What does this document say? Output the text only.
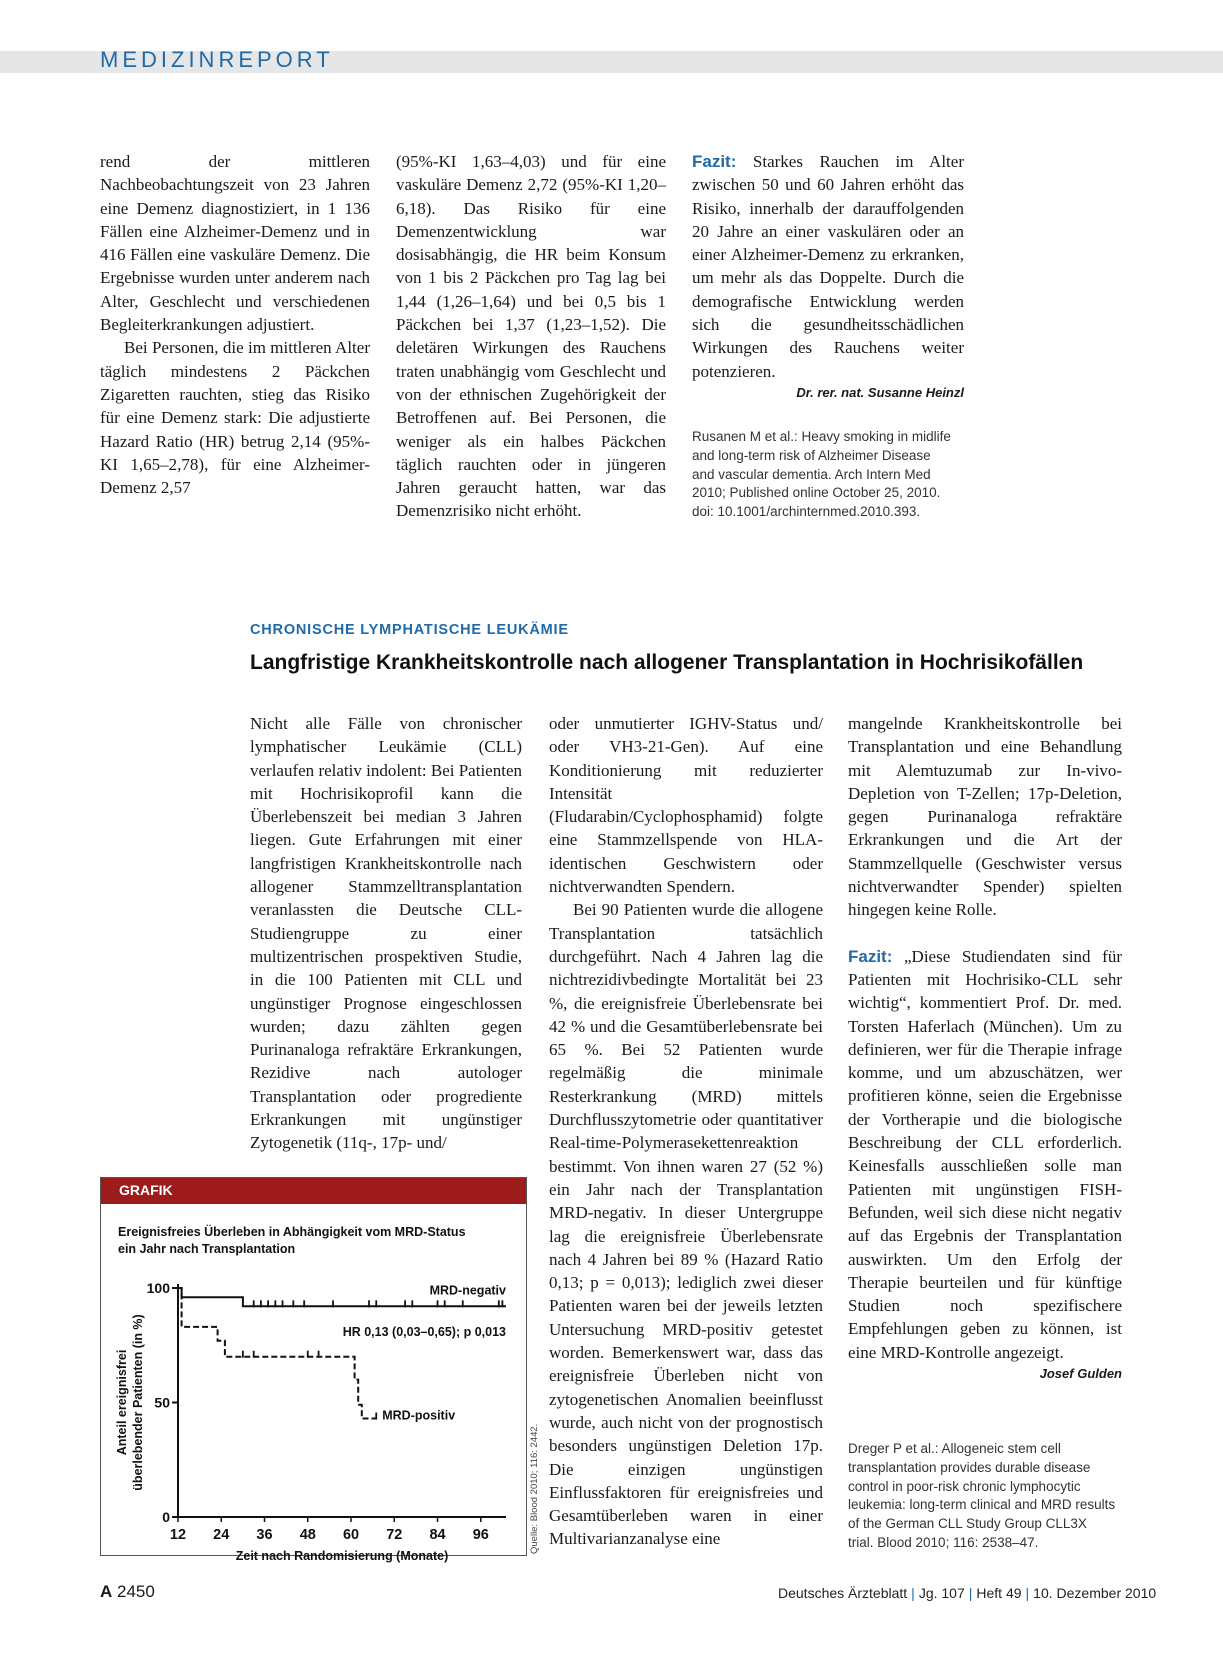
MEDIZINREPORT

rend der mittleren Nachbeobachtungszeit von 23 Jahren eine Demenz diagnostiziert, in 1 136 Fällen eine Alzheimer-Demenz und in 416 Fällen eine vaskuläre Demenz. Die Ergebnisse wurden unter anderem nach Alter, Geschlecht und verschiedenen Begleiterkrankungen adjustiert.

Bei Personen, die im mittleren Alter täglich mindestens 2 Päckchen Zigaretten rauchten, stieg das Risiko für eine Demenz stark: Die adjustierte Hazard Ratio (HR) betrug 2,14 (95%-KI 1,65–2,78), für eine Alzheimer-Demenz 2,57

(95%-KI 1,63–4,03) und für eine vaskuläre Demenz 2,72 (95%-KI 1,20–6,18). Das Risiko für eine Demenzentwicklung war dosisabhängig, die HR beim Konsum von 1 bis 2 Päckchen pro Tag lag bei 1,44 (1,26–1,64) und bei 0,5 bis 1 Päckchen bei 1,37 (1,23–1,52). Die deletären Wirkungen des Rauchens traten unabhängig vom Geschlecht und von der ethnischen Zugehörigkeit der Betroffenen auf. Bei Personen, die weniger als ein halbes Päckchen täglich rauchten oder in jüngeren Jahren geraucht hatten, war das Demenzrisiko nicht erhöht.

Fazit: Starkes Rauchen im Alter zwischen 50 und 60 Jahren erhöht das Risiko, innerhalb der darauffolgenden 20 Jahre an einer vaskulären oder an einer Alzheimer-Demenz zu erkranken, um mehr als das Doppelte. Durch die demografische Entwicklung werden sich die gesundheitsschädlichen Wirkungen des Rauchens weiter potenzieren.

Dr. rer. nat. Susanne Heinzl
Rusanen M et al.: Heavy smoking in midlife and long-term risk of Alzheimer Disease and vascular dementia. Arch Intern Med 2010; Published online October 25, 2010. doi: 10.1001/archinternmed.2010.393.
CHRONISCHE LYMPHATISCHE LEUKÄMIE
Langfristige Krankheitskontrolle nach allogener Transplantation in Hochrisikofällen

Nicht alle Fälle von chronischer lymphatischer Leukämie (CLL) verlaufen relativ indolent: Bei Patienten mit Hochrisikoprofil kann die Überlebenszeit bei median 3 Jahren liegen. Gute Erfahrungen mit einer langfristigen Krankheitskontrolle nach allogener Stammzelltransplantation veranlassten die Deutsche CLL-Studiengruppe zu einer multizentrischen prospektiven Studie, in die 100 Patienten mit CLL und ungünstiger Prognose eingeschlossen wurden; dazu zählten gegen Purinanaloga refraktäre Erkrankungen, Rezidive nach autologer Transplantation oder progrediente Erkrankungen mit ungünstiger Zytogenetik (11q-, 17p- und/

oder unmutierter IGHV-Status und/ oder VH3-21-Gen). Auf eine Konditionierung mit reduzierter Intensität (Fludarabin/Cyclophosphamid) folgte eine Stammzellspende von HLA-identischen Geschwistern oder nichtverwandten Spendern.

Bei 90 Patienten wurde die allogene Transplantation tatsächlich durchgeführt. Nach 4 Jahren lag die nichtrezidivbedingte Mortalität bei 23 %, die ereignisfreie Überlebensrate bei 42 % und die Gesamtüberlebensrate bei 65 %. Bei 52 Patienten wurde regelmäßig die minimale Resterkrankung (MRD) mittels Durchflusszytometrie oder quantitativer Real-time-Polymerasekettenreaktion bestimmt. Von ihnen waren 27 (52 %) ein Jahr nach der Transplantation MRD-negativ. In dieser Untergruppe lag die ereignisfreie Überlebensrate nach 4 Jahren bei 89 % (Hazard Ratio 0,13; p = 0,013); lediglich zwei dieser Patienten waren bei der jeweils letzten Untersuchung MRD-positiv getestet worden. Bemerkenswert war, dass das ereignisfreie Überleben nicht von zytogenetischen Anomalien beeinflusst wurde, auch nicht von der prognostisch besonders ungünstigen Deletion 17p. Die einzigen ungünstigen Einflussfaktoren für ereignisfreies und Gesamtüberleben waren in einer Multivarianzanalyse eine

mangelnde Krankheitskontrolle bei Transplantation und eine Behandlung mit Alemtuzumab zur In-vivo-Depletion von T-Zellen; 17p-Deletion, gegen Purinanaloga refraktäre Erkrankungen und die Art der Stammzellquelle (Geschwister versus nichtverwandter Spender) spielten hingegen keine Rolle.

Fazit: „Diese Studiendaten sind für Patienten mit Hochrisiko-CLL sehr wichtig“, kommentiert Prof. Dr. med. Torsten Haferlach (München). Um zu definieren, wer für die Therapie infrage komme, und um abzuschätzen, wer profitieren könne, seien die Ergebnisse der Vortherapie und die biologische Beschreibung der CLL erforderlich. Keinesfalls ausschließen solle man Patienten mit ungünstigen FISH-Befunden, weil sich diese nicht negativ auf das Ergebnis der Transplantation auswirkten. Um den Erfolg der Therapie beurteilen und für künftige Studien noch spezifischere Empfehlungen geben zu können, ist eine MRD-Kontrolle angezeigt.

Josef Gulden
Dreger P et al.: Allogeneic stem cell transplantation provides durable disease control in poor-risk chronic lymphocytic leukemia: long-term clinical and MRD results of the German CLL Study Group CLL3X trial. Blood 2010; 116: 2538–47.
GRAFIK
Ereignisfreies Überleben in Abhängigkeit vom MRD-Status
ein Jahr nach Transplantation
0
50
100
12 24 36 48 60 72 84 96
Zeit nach Randomisierung (Monate)
Anteil ereignisfrei überlebender Patienten (in %)
MRD-negativ
MRD-positiv
HR 0,13 (0,03–0,65); p 0,013
Quelle: Blood 2010; 116: 2442.
A 2450	Deutsches Ärzteblatt | Jg. 107 | Heft 49 | 10. Dezember 2010
